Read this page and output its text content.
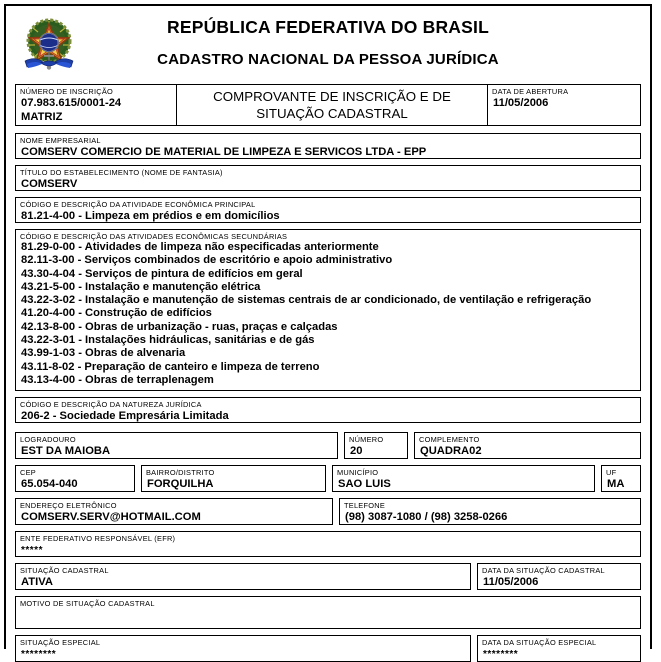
REPÚBLICA FEDERATIVA DO BRASIL
CADASTRO NACIONAL DA PESSOA JURÍDICA
NÚMERO DE INSCRIÇÃO
07.983.615/0001-24
MATRIZ
COMPROVANTE DE INSCRIÇÃO E DE SITUAÇÃO CADASTRAL
DATA DE ABERTURA
11/05/2006
NOME EMPRESARIAL
COMSERV COMERCIO DE MATERIAL DE LIMPEZA E SERVICOS LTDA - EPP
TÍTULO DO ESTABELECIMENTO (NOME DE FANTASIA)
COMSERV
CÓDIGO E DESCRIÇÃO DA ATIVIDADE ECONÔMICA PRINCIPAL
81.21-4-00 - Limpeza em prédios e em domicílios
CÓDIGO E DESCRIÇÃO DAS ATIVIDADES ECONÔMICAS SECUNDÁRIAS
81.29-0-00 - Atividades de limpeza não especificadas anteriormente
82.11-3-00 - Serviços combinados de escritório e apoio administrativo
43.30-4-04 - Serviços de pintura de edifícios em geral
43.21-5-00 - Instalação e manutenção elétrica
43.22-3-02 - Instalação e manutenção de sistemas centrais de ar condicionado, de ventilação e refrigeração
41.20-4-00 - Construção de edifícios
42.13-8-00 - Obras de urbanização - ruas, praças e calçadas
43.22-3-01 - Instalações hidráulicas, sanitárias e de gás
43.99-1-03 - Obras de alvenaria
43.11-8-02 - Preparação de canteiro e limpeza de terreno
43.13-4-00 - Obras de terraplenagem
CÓDIGO E DESCRIÇÃO DA NATUREZA JURÍDICA
206-2 - Sociedade Empresária Limitada
LOGRADOURO
EST DA MAIOBA
NÚMERO
20
COMPLEMENTO
QUADRA02
CEP
65.054-040
BAIRRO/DISTRITO
FORQUILHA
MUNICÍPIO
SAO LUIS
UF
MA
ENDEREÇO ELETRÔNICO
COMSERV.SERV@HOTMAIL.COM
TELEFONE
(98) 3087-1080 / (98) 3258-0266
ENTE FEDERATIVO RESPONSÁVEL (EFR)
*****
SITUAÇÃO CADASTRAL
ATIVA
DATA DA SITUAÇÃO CADASTRAL
11/05/2006
MOTIVO DE SITUAÇÃO CADASTRAL
SITUAÇÃO ESPECIAL
********
DATA DA SITUAÇÃO ESPECIAL
********
